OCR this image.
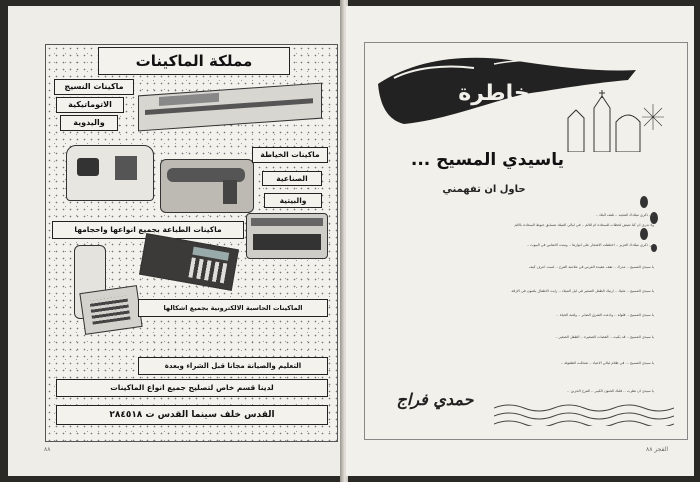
مملكة الماكينات
ماكينات النسيج
الاتوماتيكية
واليدوية
ماكينات الخياطة
الصناعية
والبيتية
ماكينات الطباعة بجميع انواعها واحجامها
الماكينات الحاسبة الالكترونية بجميع اشكالها
التعليم والصيانة مجانا قبل الشراء وبعدة
لدينا قسم خاص لتصليح جميع انواع الماكينات
القدس خلف سينما القدس ت ٢٨٤٥١٨
٨٨
خاطرة
ياسيدي المسيح ...
حاول ان تفهمني
في ذكرى ميلادك المجيد .. تلتف البلاد ..
ولا ندري ان كنا نعيش لحظات للسعادة ام للالم .. في ليالي الميلاد تتسابق خيوط السعادة بالالم
في ذكرى ميلادك العزيز .. اختلطت الاشجار على انوارها .. ونبتت الانفاس في البيوت ..
يا سيدي المسيح .. مدرك .. تقف عقيدة العرس في ملاعبة الفرح .. لست اعرف كيف
يا سيدي المسيح .. مليك .. ارتبك الطفل الصغير في ليل الميلاد .. رايت الاطفال يلعبون في الازقة
يا سيدي المسيح .. فلولة .. وادعت الشرق الصابر .. ولعبة الحياة ..
يا سيدي المسيح .. قد بكيت .. الغصات الصغيرة .. الطفل الصغير ..
يا سيدي المسيح ... في ظلام ليالي الاعياد .. ضحكت الطفولة ..
يا سيدي ان تظرت .. قلبك الحنون الكبير .. الفرح الحزين ..
حمدي فراج
الفجر ٨٨
